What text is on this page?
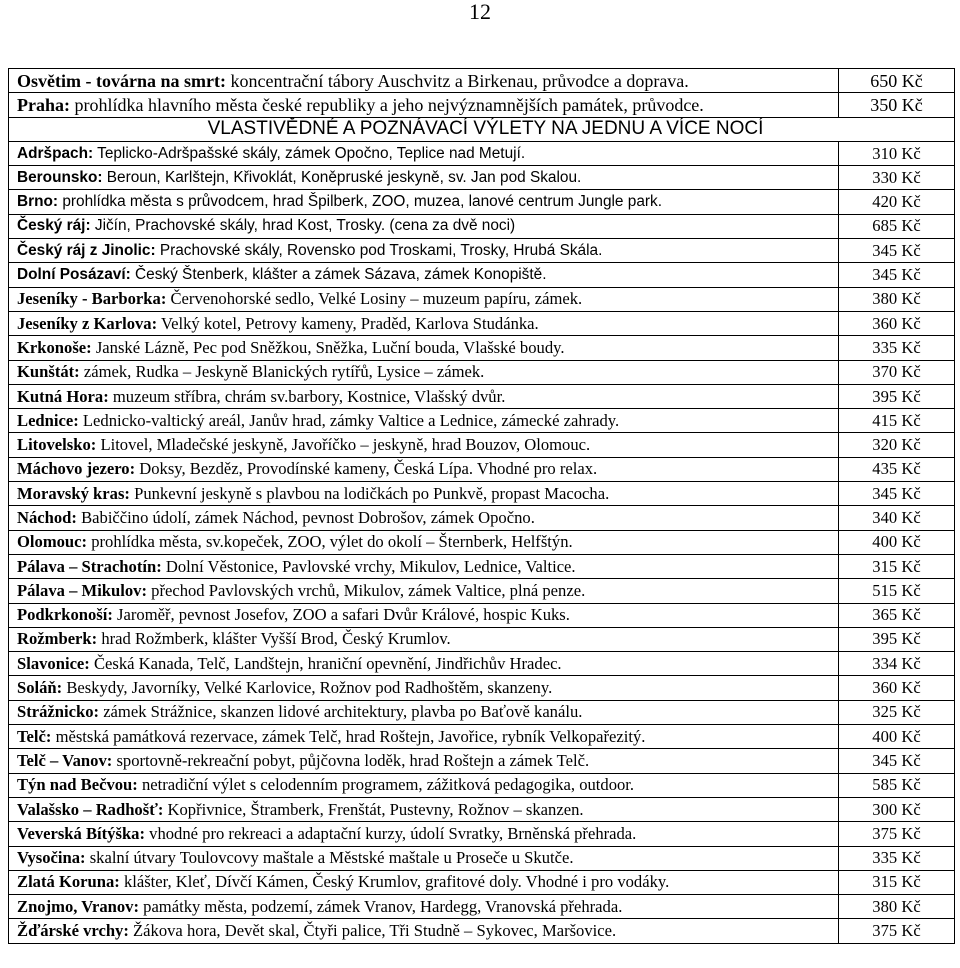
12
Osvětim - továrna na smrt: koncentrační tábory Auschvitz a Birkenau, průvodce a doprava.	650 Kč
Praha: prohlídka hlavního města české republiky a jeho nejvýznamnějších památek, průvodce.	350 Kč
VLASTIVĚDNÉ A POZNÁVACÍ VÝLETY NA JEDNU A VÍCE NOCÍ	
Adršpach: Teplicko-Adršpašské skály, zámek Opočno, Teplice nad Metují.	310 Kč
Berounsko: Beroun, Karlštejn, Křivoklát, Koněpruské jeskyně, sv. Jan pod Skalou.	330 Kč
Brno: prohlídka města s průvodcem, hrad Špilberk, ZOO, muzea, lanové centrum Jungle park.	420 Kč
Český ráj: Jičín, Prachovské skály, hrad Kost, Trosky. (cena za dvě noci)	685 Kč
Český ráj z Jinolic: Prachovské skály, Rovensko pod Troskami, Trosky, Hrubá Skála.	345 Kč
Dolní Posázaví: Český Štenberk, klášter a zámek Sázava, zámek Konopiště.	345 Kč
Jeseníky - Barborka: Červenohorské sedlo, Velké Losiny – muzeum papíru, zámek.	380 Kč
Jeseníky z Karlova: Velký kotel, Petrovy kameny, Praděd, Karlova Studánka.	360 Kč
Krkonoše: Janské Lázně, Pec pod Sněžkou, Sněžka, Luční bouda, Vlašské boudy.	335 Kč
Kunštát: zámek, Rudka – Jeskyně Blanických rytířů, Lysice – zámek.	370 Kč
Kutná Hora: muzeum stříbra, chrám sv.barbory, Kostnice, Vlašský dvůr.	395 Kč
Lednice: Lednicko-valtický areál, Janův hrad, zámky Valtice a Lednice, zámecké zahrady.	415 Kč
Litovelsko: Litovel, Mladečské jeskyně, Javoříčko – jeskyně, hrad Bouzov, Olomouc.	320 Kč
Máchovo jezero: Doksy, Bezděz, Provodínské kameny, Česká Lípa. Vhodné pro relax.	435 Kč
Moravský kras: Punkevní jeskyně s plavbou na lodičkách po Punkvě, propast Macocha.	345 Kč
Náchod: Babiččino údolí, zámek Náchod, pevnost Dobrošov, zámek Opočno.	340 Kč
Olomouc: prohlídka města, sv.kopeček, ZOO, výlet do okolí – Šternberk, Helfštýn.	400 Kč
Pálava – Strachotín: Dolní Věstonice, Pavlovské vrchy, Mikulov, Lednice, Valtice.	315 Kč
Pálava – Mikulov: přechod Pavlovských vrchů, Mikulov, zámek Valtice, plná penze.	515 Kč
Podkrkonoší: Jaroměř, pevnost Josefov, ZOO a safari Dvůr Králové, hospic Kuks.	365 Kč
Rožmberk: hrad Rožmberk, klášter Vyšší Brod, Český Krumlov.	395 Kč
Slavonice: Česká Kanada, Telč, Landštejn, hraniční opevnění, Jindřichův Hradec.	334 Kč
Soláň: Beskydy, Javorníky, Velké Karlovice, Rožnov pod Radhoštěm, skanzeny.	360 Kč
Strážnicko: zámek Strážnice, skanzen lidové architektury, plavba po Baťově kanálu.	325 Kč
Telč: městská památková rezervace, zámek Telč, hrad Roštejn, Javořice, rybník Velkopařezitý.	400 Kč
Telč – Vanov: sportovně-rekreační pobyt, půjčovna loděk, hrad Roštejn a zámek Telč.	345 Kč
Týn nad Bečvou: netradiční výlet s celodenním programem, zážitková pedagogika, outdoor.	585 Kč
Valašsko – Radhošť: Kopřivnice, Štramberk, Frenštát, Pustevny, Rožnov – skanzen.	300 Kč
Veverská Bítýška: vhodné pro rekreaci a adaptační kurzy, údolí Svratky, Brněnská přehrada.	375 Kč
Vysočina: skalní útvary Toulovcovy maštale a Městské maštale u Proseče u Skutče.	335 Kč
Zlatá Koruna: klášter, Kleť, Dívčí Kámen, Český Krumlov, grafitové doly. Vhodné i pro vodáky.	315 Kč
Znojmo, Vranov: památky města, podzemí, zámek Vranov, Hardegg, Vranovská přehrada.	380 Kč
Žďárské vrchy: Žákova hora, Devět skal, Čtyři palice, Tři Studně – Sykovec, Maršovice.	375 Kč
